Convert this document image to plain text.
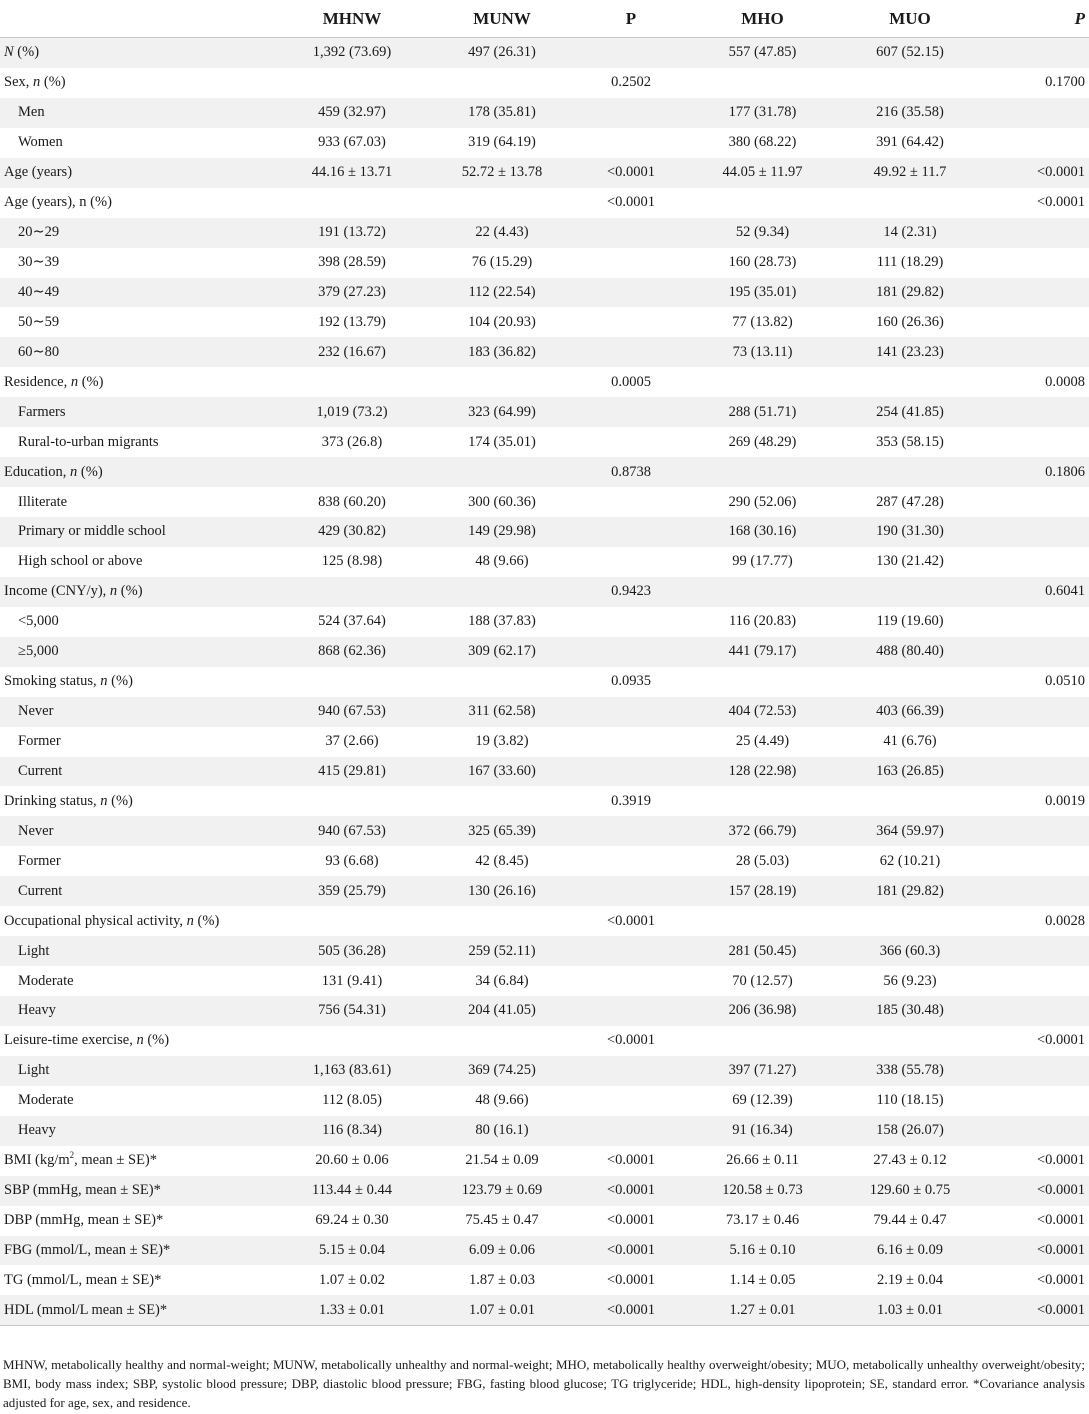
	MHNW	MUNW	P	MHO	MUO	P
N (%)	1,392 (73.69)	497 (26.31)		557 (47.85)	607 (52.15)	
Sex, n (%)			0.2502			0.1700
Men	459 (32.97)	178 (35.81)		177 (31.78)	216 (35.58)	
Women	933 (67.03)	319 (64.19)		380 (68.22)	391 (64.42)	
Age (years)	44.16 ± 13.71	52.72 ± 13.78	<0.0001	44.05 ± 11.97	49.92 ± 11.7	<0.0001
Age (years), n (%)			<0.0001			<0.0001
20∼29	191 (13.72)	22 (4.43)		52 (9.34)	14 (2.31)	
30∼39	398 (28.59)	76 (15.29)		160 (28.73)	111 (18.29)	
40∼49	379 (27.23)	112 (22.54)		195 (35.01)	181 (29.82)	
50∼59	192 (13.79)	104 (20.93)		77 (13.82)	160 (26.36)	
60∼80	232 (16.67)	183 (36.82)		73 (13.11)	141 (23.23)	
Residence, n (%)			0.0005			0.0008
Farmers	1,019 (73.2)	323 (64.99)		288 (51.71)	254 (41.85)	
Rural-to-urban migrants	373 (26.8)	174 (35.01)		269 (48.29)	353 (58.15)	
Education, n (%)			0.8738			0.1806
Illiterate	838 (60.20)	300 (60.36)		290 (52.06)	287 (47.28)	
Primary or middle school	429 (30.82)	149 (29.98)		168 (30.16)	190 (31.30)	
High school or above	125 (8.98)	48 (9.66)		99 (17.77)	130 (21.42)	
Income (CNY/y), n (%)			0.9423			0.6041
<5,000	524 (37.64)	188 (37.83)		116 (20.83)	119 (19.60)	
≥5,000	868 (62.36)	309 (62.17)		441 (79.17)	488 (80.40)	
Smoking status, n (%)			0.0935			0.0510
Never	940 (67.53)	311 (62.58)		404 (72.53)	403 (66.39)	
Former	37 (2.66)	19 (3.82)		25 (4.49)	41 (6.76)	
Current	415 (29.81)	167 (33.60)		128 (22.98)	163 (26.85)	
Drinking status, n (%)			0.3919			0.0019
Never	940 (67.53)	325 (65.39)		372 (66.79)	364 (59.97)	
Former	93 (6.68)	42 (8.45)		28 (5.03)	62 (10.21)	
Current	359 (25.79)	130 (26.16)		157 (28.19)	181 (29.82)	
Occupational physical activity, n (%)			<0.0001			0.0028
Light	505 (36.28)	259 (52.11)		281 (50.45)	366 (60.3)	
Moderate	131 (9.41)	34 (6.84)		70 (12.57)	56 (9.23)	
Heavy	756 (54.31)	204 (41.05)		206 (36.98)	185 (30.48)	
Leisure-time exercise, n (%)			<0.0001			<0.0001
Light	1,163 (83.61)	369 (74.25)		397 (71.27)	338 (55.78)	
Moderate	112 (8.05)	48 (9.66)		69 (12.39)	110 (18.15)	
Heavy	116 (8.34)	80 (16.1)		91 (16.34)	158 (26.07)	
BMI ($kg/m^2$, mean ± SE)*	20.60 ± 0.06	21.54 ± 0.09	<0.0001	26.66 ± 0.11	27.43 ± 0.12	<0.0001
SBP (mmHg, mean ± SE)*	113.44 ± 0.44	123.79 ± 0.69	<0.0001	120.58 ± 0.73	129.60 ± 0.75	<0.0001
DBP (mmHg, mean ± SE)*	69.24 ± 0.30	75.45 ± 0.47	<0.0001	73.17 ± 0.46	79.44 ± 0.47	<0.0001
FBG (mmol/L, mean ± SE)*	5.15 ± 0.04	6.09 ± 0.06	<0.0001	5.16 ± 0.10	6.16 ± 0.09	<0.0001
TG (mmol/L, mean ± SE)*	1.07 ± 0.02	1.87 ± 0.03	<0.0001	1.14 ± 0.05	2.19 ± 0.04	<0.0001
HDL (mmol/L mean ± SE)*	1.33 ± 0.01	1.07 ± 0.01	<0.0001	1.27 ± 0.01	1.03 ± 0.01	<0.0001
MHNW, metabolically healthy and normal-weight; MUNW, metabolically unhealthy and normal-weight; MHO, metabolically healthy overweight/obesity; MUO, metabolically unhealthy overweight/obesity; BMI, body mass index; SBP, systolic blood pressure; DBP, diastolic blood pressure; FBG, fasting blood glucose; TG triglyceride; HDL, high-density lipoprotein; SE, standard error. *Covariance analysis adjusted for age, sex, and residence.
